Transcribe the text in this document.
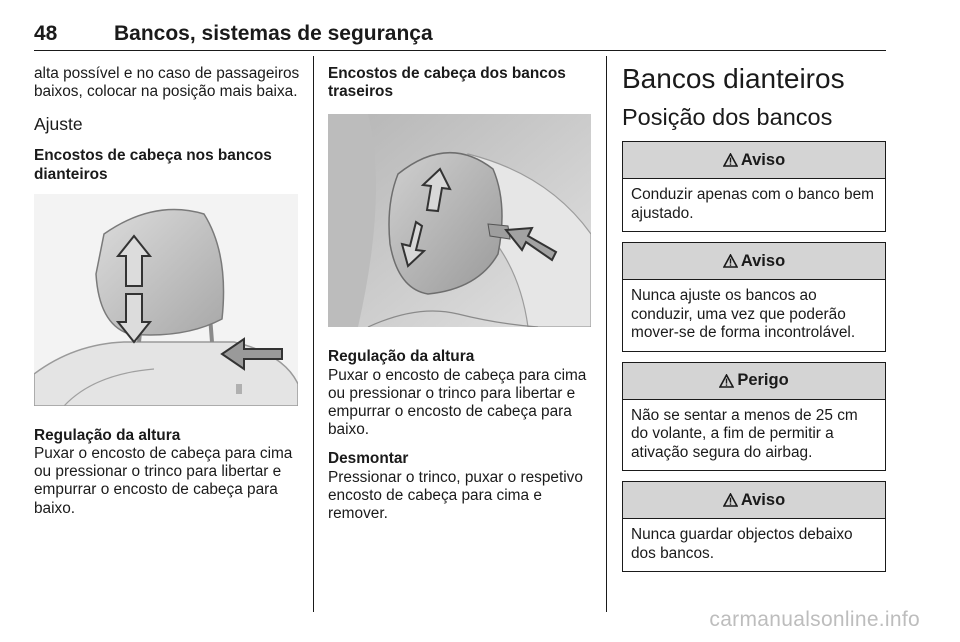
48	Bancos, sistemas de segurança

alta possível e no caso de passageiros baixos, colocar na posição mais baixa.

Ajuste
Encostos de cabeça nos bancos dianteiros
Regulação da altura

Puxar o encosto de cabeça para cima ou pressionar o trinco para libertar e empurrar o encosto de cabeça para baixo.

Encostos de cabeça dos bancos traseiros
Regulação da altura

Puxar o encosto de cabeça para cima ou pressionar o trinco para libertar e empurrar o encosto de cabeça para baixo.

Desmontar

Pressionar o trinco, puxar o respetivo encosto de cabeça para cima e remover.

Bancos dianteiros
Posição dos bancos
Aviso

Conduzir apenas com o banco bem ajustado.

Aviso

Nunca ajuste os bancos ao conduzir, uma vez que poderão mover-se de forma incontrolável.

Perigo

Não se sentar a menos de 25 cm do volante, a fim de permitir a ativação segura do airbag.

Aviso

Nunca guardar objectos debaixo dos bancos.

carmanualsonline.info
